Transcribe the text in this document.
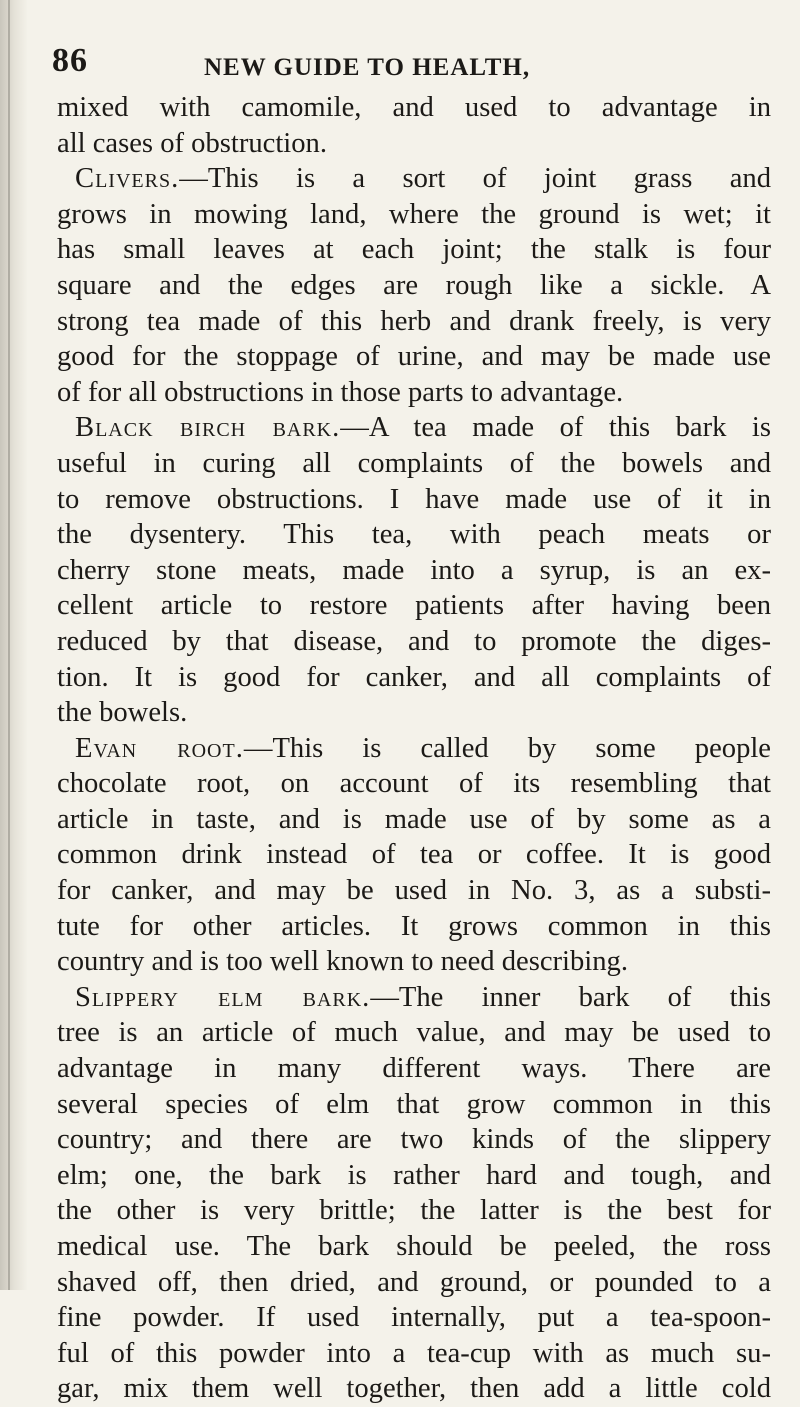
86	NEW GUIDE TO HEALTH,
mixed with camomile, and used to advantage in
all cases of obstruction.
Clivers.—This is a sort of joint grass and
grows in mowing land, where the ground is wet; it
has small leaves at each joint; the stalk is four
square and the edges are rough like a sickle. A
strong tea made of this herb and drank freely, is very
good for the stoppage of urine, and may be made use
of for all obstructions in those parts to advantage.
Black birch bark.—A tea made of this bark is
useful in curing all complaints of the bowels and
to remove obstructions. I have made use of it in
the dysentery. This tea, with peach meats or
cherry stone meats, made into a syrup, is an ex-
cellent article to restore patients after having been
reduced by that disease, and to promote the diges-
tion. It is good for canker, and all complaints of
the bowels.
Evan root.—This is called by some people
chocolate root, on account of its resembling that
article in taste, and is made use of by some as a
common drink instead of tea or coffee. It is good
for canker, and may be used in No. 3, as a substi-
tute for other articles. It grows common in this
country and is too well known to need describing.
Slippery elm bark.—The inner bark of this
tree is an article of much value, and may be used to
advantage in many different ways. There are
several species of elm that grow common in this
country; and there are two kinds of the slippery
elm; one, the bark is rather hard and tough, and
the other is very brittle; the latter is the best for
medical use. The bark should be peeled, the ross
shaved off, then dried, and ground, or pounded to a
fine powder. If used internally, put a tea-spoon-
ful of this powder into a tea-cup with as much su-
gar, mix them well together, then add a little cold
